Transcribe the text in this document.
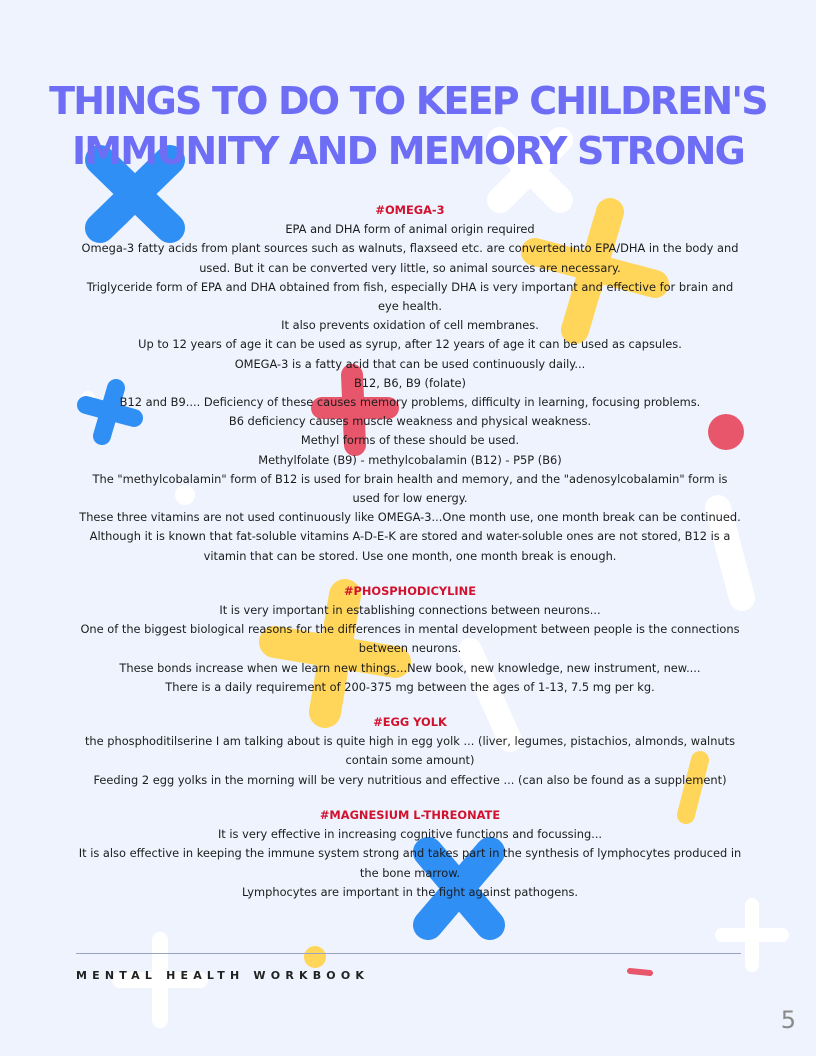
THINGS TO DO TO KEEP CHILDREN'S IMMUNITY AND MEMORY STRONG
#OMEGA-3

EPA and DHA form of animal origin required

Omega-3 fatty acids from plant sources such as walnuts, flaxseed etc. are converted into EPA/DHA in the body and used. But it can be converted very little, so animal sources are necessary.

Triglyceride form of EPA and DHA obtained from fish, especially DHA is very important and effective for brain and eye health.

It also prevents oxidation of cell membranes.

Up to 12 years of age it can be used as syrup, after 12 years of age it can be used as capsules.

OMEGA-3 is a fatty acid that can be used continuously daily...

B12, B6, B9 (folate)

B12 and B9.... Deficiency of these causes memory problems, difficulty in learning, focusing problems.

B6 deficiency causes muscle weakness and physical weakness.

Methyl forms of these should be used.

Methylfolate (B9) - methylcobalamin (B12) - P5P (B6)

The "methylcobalamin" form of B12 is used for brain health and memory, and the "adenosylcobalamin" form is used for low energy.

These three vitamins are not used continuously like OMEGA-3...One month use, one month break can be continued.

Although it is known that fat-soluble vitamins A-D-E-K are stored and water-soluble ones are not stored, B12 is a vitamin that can be stored. Use one month, one month break is enough.

#PHOSPHODICYLINE

It is very important in establishing connections between neurons...

One of the biggest biological reasons for the differences in mental development between people is the connections between neurons.

These bonds increase when we learn new things...New book, new knowledge, new instrument, new....

There is a daily requirement of 200-375 mg between the ages of 1-13, 7.5 mg per kg.

#EGG YOLK

the phosphoditilserine I am talking about is quite high in egg yolk ... (liver, legumes, pistachios, almonds, walnuts contain some amount)

Feeding 2 egg yolks in the morning will be very nutritious and effective ... (can also be found as a supplement)

#MAGNESIUM L-THREONATE

It is very effective in increasing cognitive functions and focussing...

It is also effective in keeping the immune system strong and takes part in the synthesis of lymphocytes produced in the bone marrow.

Lymphocytes are important in the fight against pathogens.

MENTAL HEALTH WORKBOOK
5
